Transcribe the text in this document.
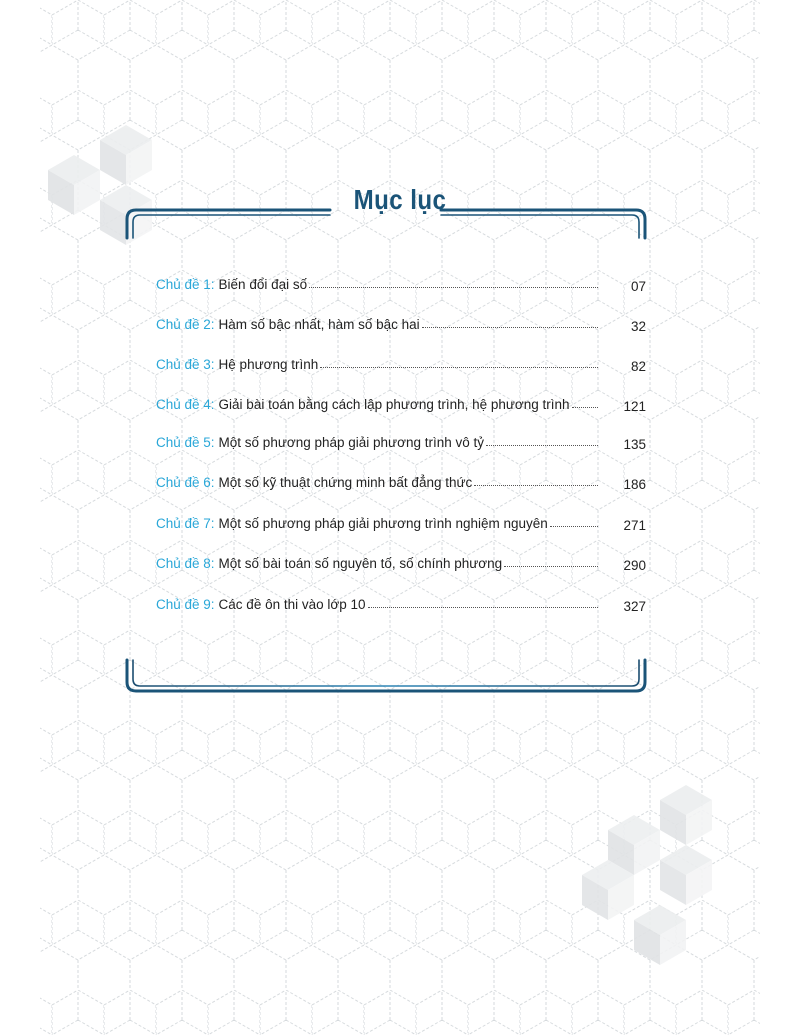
Mục lục
Chủ đề 1: Biến đổi đại số	07
Chủ đề 2: Hàm số bậc nhất, hàm số bậc hai	32
Chủ đề 3: Hệ phương trình	82
Chủ đề 4: Giải bài toán bằng cách lập phương trình, hệ phương trình	121
Chủ đề 5: Một số phương pháp giải phương trình vô tỷ	135
Chủ đề 6: Một số kỹ thuật chứng minh bất đẳng thức	186
Chủ đề 7: Một số phương pháp giải phương trình nghiệm nguyên	271
Chủ đề 8: Một số bài toán số nguyên tố, số chính phương	290
Chủ đề 9: Các đề ôn thi vào lớp 10	327
